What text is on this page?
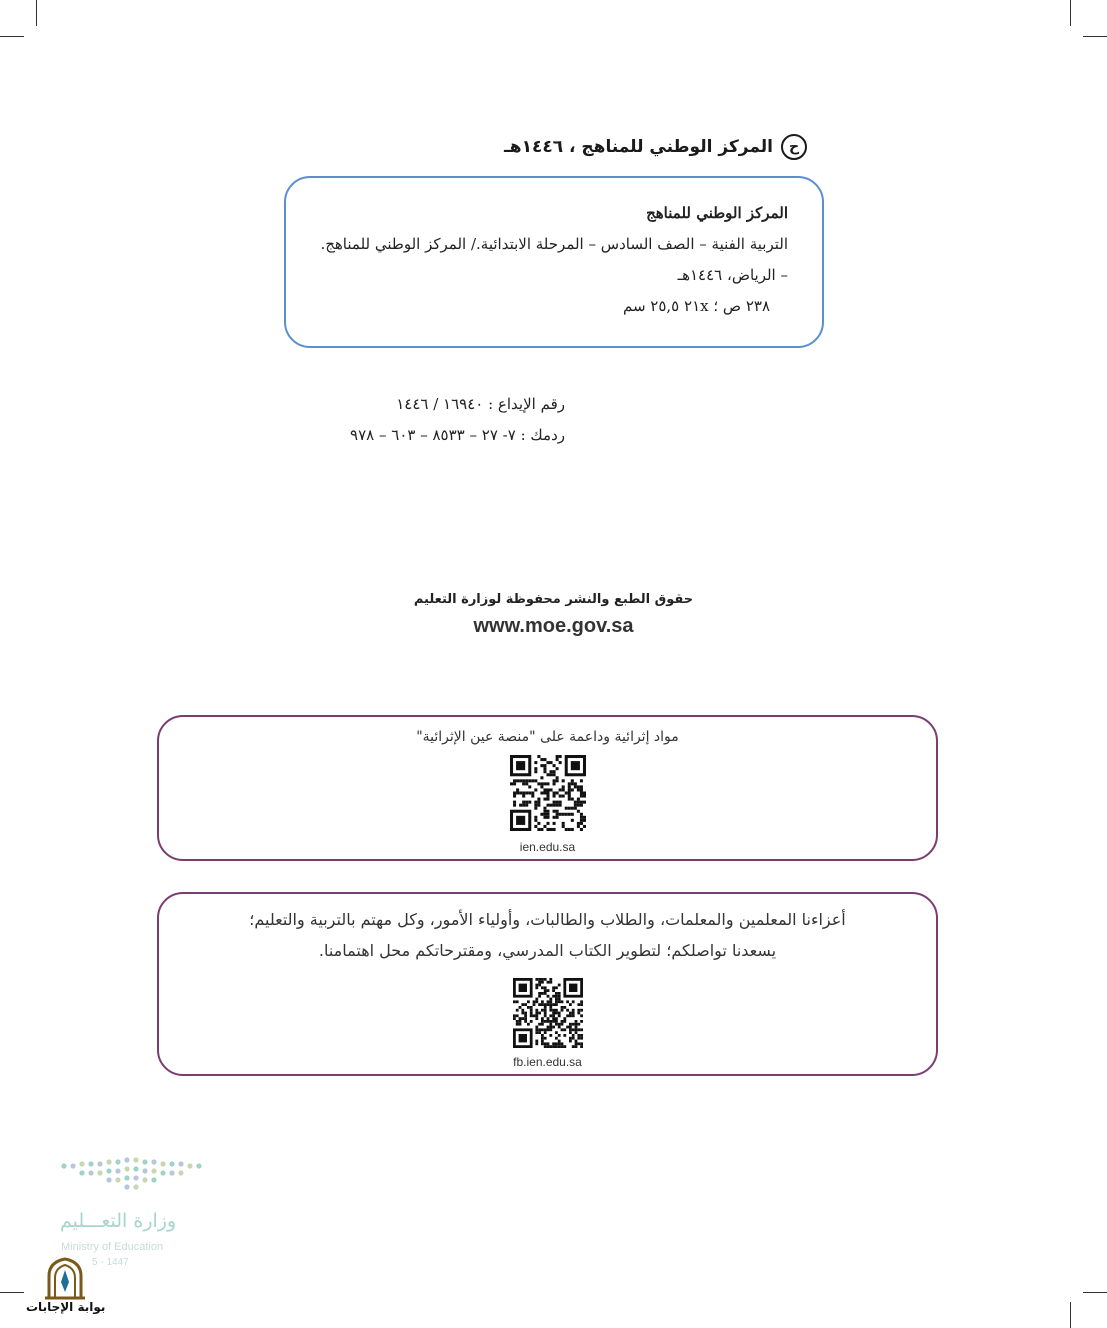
ح
المركز الوطني للمناهج ، ١٤٤٦هـ
المركز الوطني للمناهج
التربية الفنية – الصف السادس – المرحلة الابتدائية./ المركز الوطني للمناهج.
– الرياض، ١٤٤٦هـ
٢٣٨ ص ؛ ٢١x ٢٥,٥ سم
رقم الإيداع : ١٦٩٤٠ / ١٤٤٦
ردمك : ٧- ٢٧ – ٨٥٣٣ – ٦٠٣ – ٩٧٨
حقوق الطبع والنشر محفوظة لوزارة التعليم
www.moe.gov.sa
مواد إثرائية وداعمة على "منصة عين الإثرائية"
ien.edu.sa
أعزاءنا المعلمين والمعلمات، والطلاب والطالبات، وأولياء الأمور، وكل مهتم بالتربية والتعليم؛
يسعدنا تواصلكم؛ لتطوير الكتاب المدرسي، ومقترحاتكم محل اهتمامنا.
fb.ien.edu.sa
وزارة التعـــليم
Ministry of Education
5 - 1447
بوابة الإجابات
